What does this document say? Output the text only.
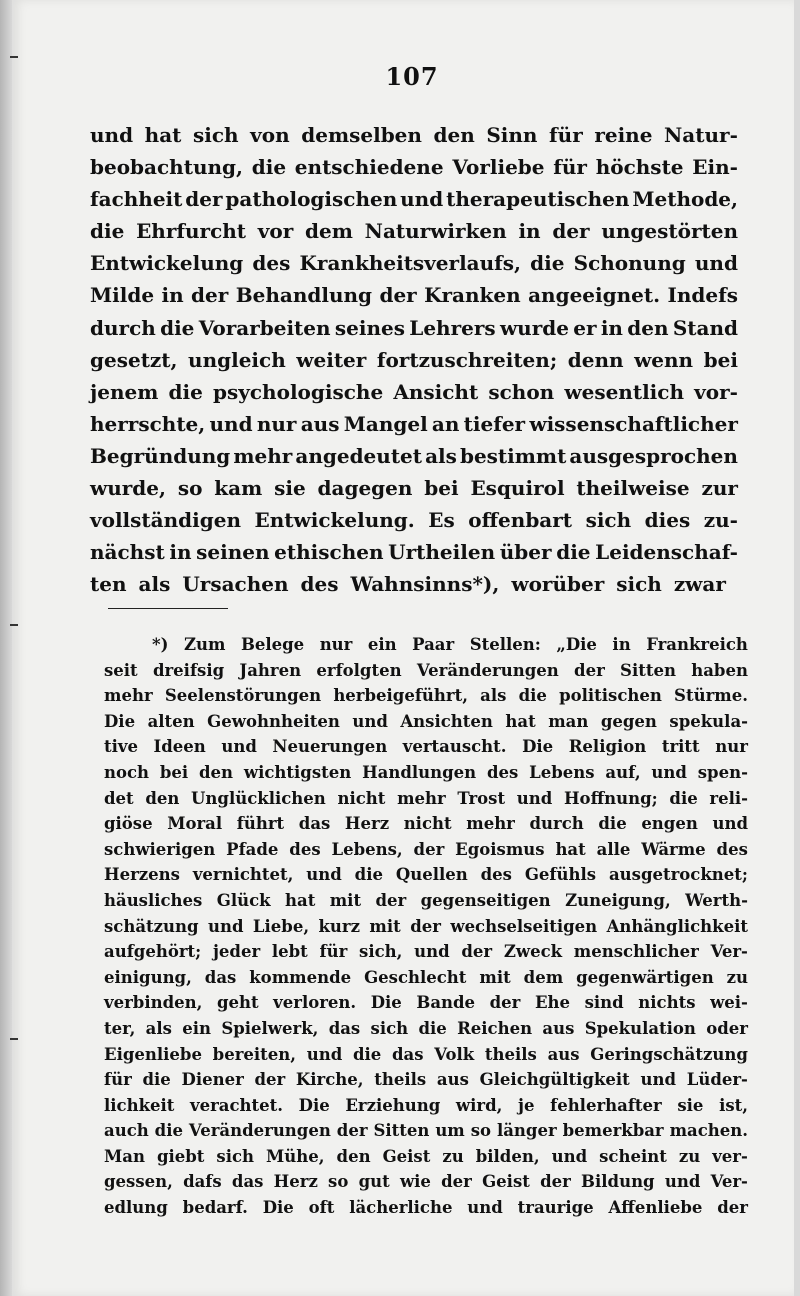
107
und hat sich von demselben den Sinn für reine Natur-
beobachtung, die entschiedene Vorliebe für höchste Ein-
fachheit der pathologischen und therapeutischen Methode,
die Ehrfurcht vor dem Naturwirken in der ungestörten
Entwickelung des Krankheitsverlaufs, die Schonung und
Milde in der Behandlung der Kranken angeeignet. Indefs
durch die Vorarbeiten seines Lehrers wurde er in den Stand
gesetzt, ungleich weiter fortzuschreiten; denn wenn bei
jenem die psychologische Ansicht schon wesentlich vor-
herrschte, und nur aus Mangel an tiefer wissenschaftlicher
Begründung mehr angedeutet als bestimmt ausgesprochen
wurde, so kam sie dagegen bei Esquirol theilweise zur
vollständigen Entwickelung. Es offenbart sich dies zu-
nächst in seinen ethischen Urtheilen über die Leidenschaf-
ten als Ursachen des Wahnsinns*), worüber sich zwar
*) Zum Belege nur ein Paar Stellen: „Die in Frankreich
seit dreifsig Jahren erfolgten Veränderungen der Sitten haben
mehr Seelenstörungen herbeigeführt, als die politischen Stürme.
Die alten Gewohnheiten und Ansichten hat man gegen spekula-
tive Ideen und Neuerungen vertauscht. Die Religion tritt nur
noch bei den wichtigsten Handlungen des Lebens auf, und spen-
det den Unglücklichen nicht mehr Trost und Hoffnung; die reli-
giöse Moral führt das Herz nicht mehr durch die engen und
schwierigen Pfade des Lebens, der Egoismus hat alle Wärme des
Herzens vernichtet, und die Quellen des Gefühls ausgetrocknet;
häusliches Glück hat mit der gegenseitigen Zuneigung, Werth-
schätzung und Liebe, kurz mit der wechselseitigen Anhänglichkeit
aufgehört; jeder lebt für sich, und der Zweck menschlicher Ver-
einigung, das kommende Geschlecht mit dem gegenwärtigen zu
verbinden, geht verloren. Die Bande der Ehe sind nichts wei-
ter, als ein Spielwerk, das sich die Reichen aus Spekulation oder
Eigenliebe bereiten, und die das Volk theils aus Geringschätzung
für die Diener der Kirche, theils aus Gleichgültigkeit und Lüder-
lichkeit verachtet. Die Erziehung wird, je fehlerhafter sie ist,
auch die Veränderungen der Sitten um so länger bemerkbar machen.
Man giebt sich Mühe, den Geist zu bilden, und scheint zu ver-
gessen, dafs das Herz so gut wie der Geist der Bildung und Ver-
edlung bedarf. Die oft lächerliche und traurige Affenliebe der
